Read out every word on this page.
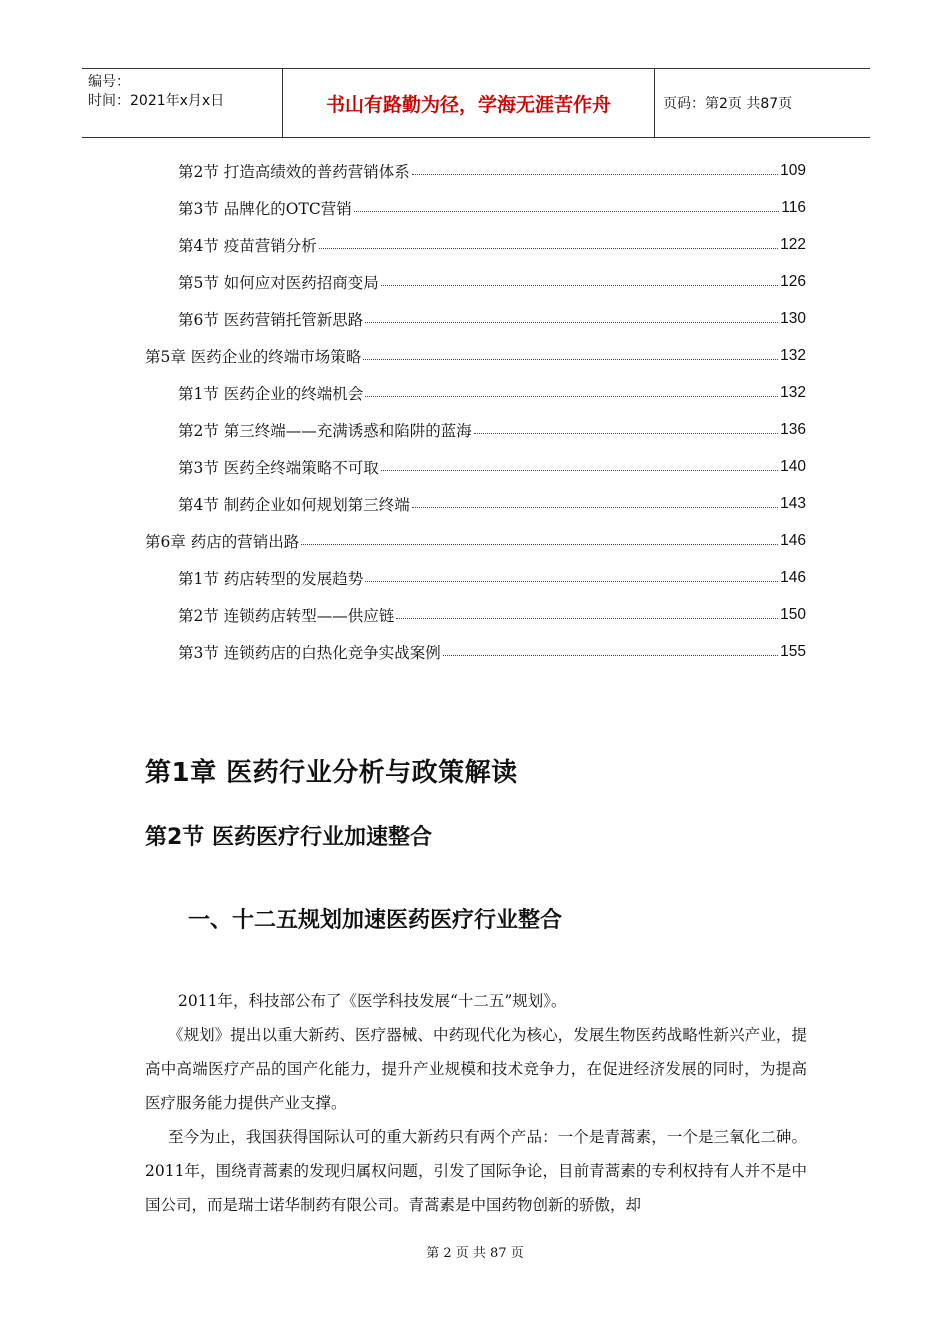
编号：
时间：2021年x月x日	书山有路勤为径，学海无涯苦作舟	页码：第2页 共87页
第2节 打造高绩效的普药营销体系	109
第3节 品牌化的OTC营销	116
第4节 疫苗营销分析	122
第5节 如何应对医药招商变局	126
第6节 医药营销托管新思路	130
第5章 医药企业的终端市场策略	132
第1节 医药企业的终端机会	132
第2节 第三终端——充满诱惑和陷阱的蓝海	136
第3节 医药全终端策略不可取	140
第4节 制药企业如何规划第三终端	143
第6章 药店的营销出路	146
第1节 药店转型的发展趋势	146
第2节 连锁药店转型——供应链	150
第3节 连锁药店的白热化竞争实战案例	155
第1章 医药行业分析与政策解读
第2节 医药医疗行业加速整合
一、十二五规划加速医药医疗行业整合

2011年，科技部公布了《医学科技发展“十二五”规划》。

《规划》提出以重大新药、医疗器械、中药现代化为核心，发展生物医药战略性新兴产业，提高中高端医疗产品的国产化能力，提升产业规模和技术竞争力，在促进经济发展的同时，为提高医疗服务能力提供产业支撑。

至今为止，我国获得国际认可的重大新药只有两个产品：一个是青蒿素，一个是三氧化二砷。2011年，围绕青蒿素的发现归属权问题，引发了国际争论，目前青蒿素的专利权持有人并不是中国公司，而是瑞士诺华制药有限公司。青蒿素是中国药物创新的骄傲，却

第 2 页 共 87 页
